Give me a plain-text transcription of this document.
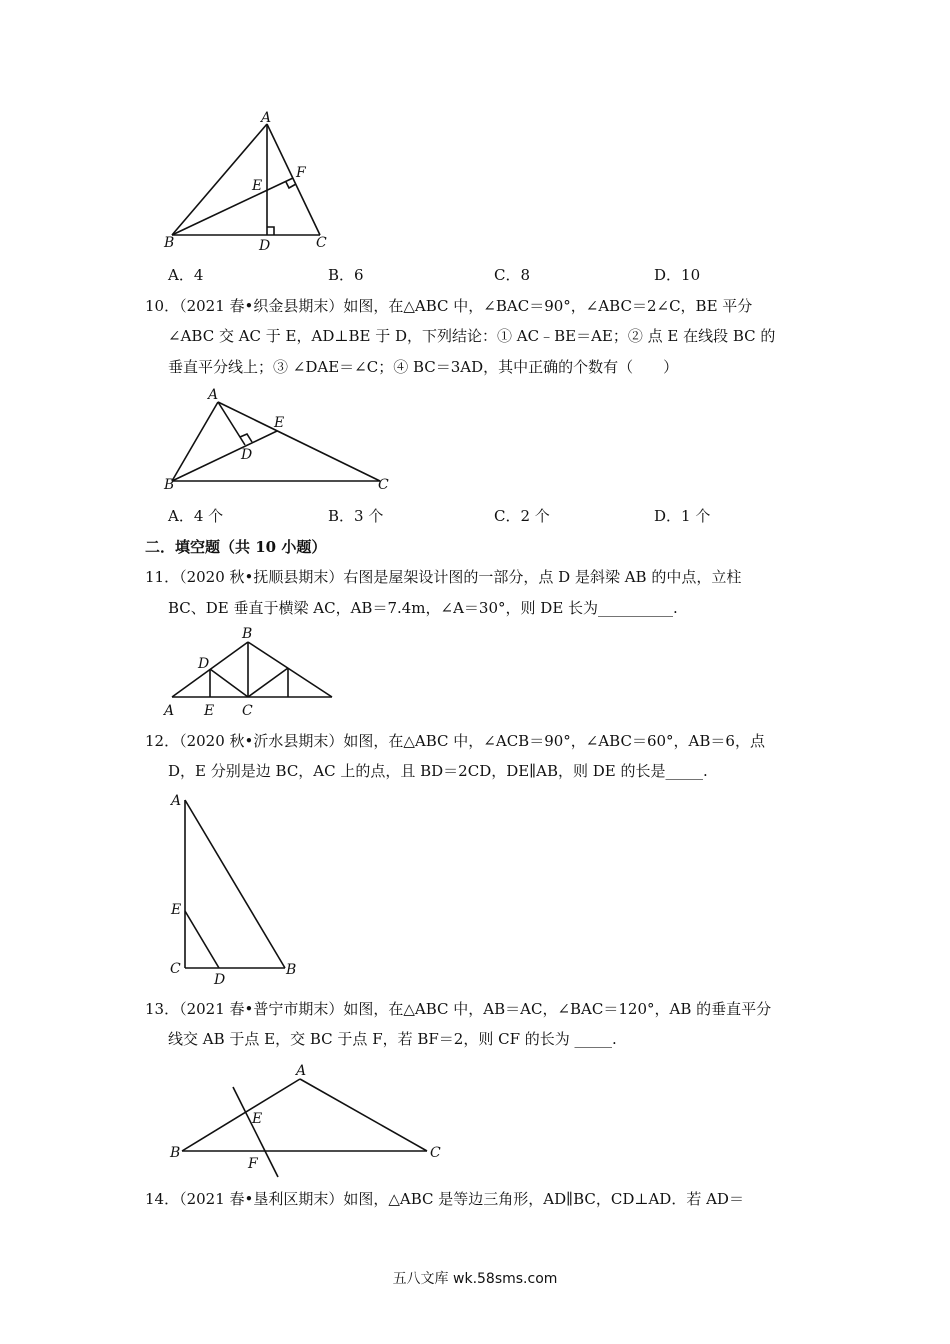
A
B	C
D
E
F
A．4	B．6	C．8	D．10
10．（2021 春•织金县期末）如图，在△ABC 中，∠BAC＝90°，∠ABC＝2∠C，BE 平分
∠ABC 交 AC 于 E，AD⊥BE 于 D，下列结论：① AC﹣BE＝AE；② 点 E 在线段 BC 的
垂直平分线上；③ ∠DAE＝∠C；④ BC＝3AD，其中正确的个数有（　　）
A
B	C
D
E
A．4 个	B．3 个	C．2 个	D．1 个
二．填空题（共 10 小题）
11．（2020 秋•抚顺县期末）右图是屋架设计图的一部分，点 D 是斜梁 AB 的中点，立柱
BC、DE 垂直于横梁 AC，AB＝7.4m，∠A＝30°，则 DE 长为__________.
A
B
C
D
E
12．（2020 秋•沂水县期末）如图，在△ABC 中，∠ACB＝90°，∠ABC＝60°，AB＝6，点
D，E 分别是边 BC，AC 上的点，且 BD＝2CD，DE∥AB，则 DE 的长是_____.
A
B
C
D
E
13．（2021 春•普宁市期末）如图，在△ABC 中，AB＝AC，∠BAC＝120°，AB 的垂直平分
线交 AB 于点 E，交 BC 于点 F，若 BF＝2，则 CF 的长为 _____.
A
B	C
E
F
14．（2021 春•垦利区期末）如图，△ABC 是等边三角形，AD∥BC，CD⊥AD．若 AD＝
五八文库 wk.58sms.com
